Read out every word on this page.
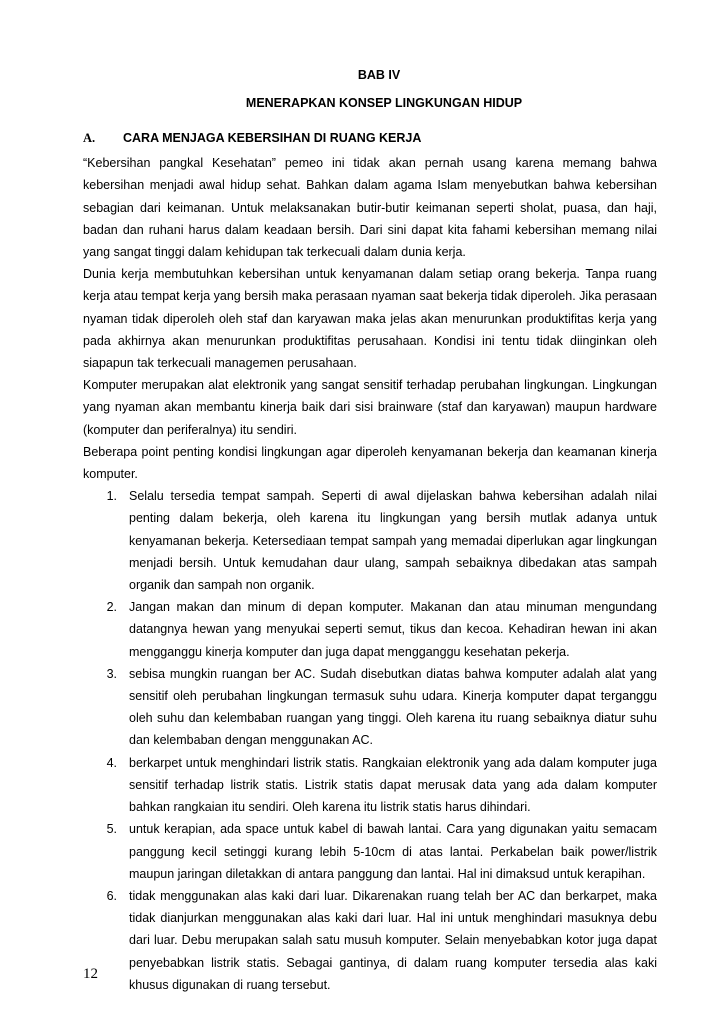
BAB IV
MENERAPKAN KONSEP LINGKUNGAN HIDUP
A.	CARA MENJAGA KEBERSIHAN DI RUANG KERJA

“Kebersihan pangkal Kesehatan” pemeo ini tidak akan pernah usang karena memang bahwa kebersihan menjadi awal hidup sehat. Bahkan dalam agama Islam menyebutkan bahwa kebersihan sebagian dari keimanan. Untuk melaksanakan butir-butir keimanan seperti sholat, puasa, dan haji, badan dan ruhani harus dalam keadaan bersih. Dari sini dapat kita fahami kebersihan memang nilai yang sangat tinggi dalam kehidupan tak terkecuali dalam dunia kerja.

Dunia kerja membutuhkan kebersihan untuk kenyamanan dalam setiap orang bekerja. Tanpa ruang kerja atau tempat kerja yang bersih maka perasaan nyaman saat bekerja tidak diperoleh. Jika perasaan nyaman tidak diperoleh oleh staf dan karyawan maka jelas akan menurunkan produktifitas kerja yang pada akhirnya akan menurunkan produktifitas perusahaan. Kondisi ini tentu tidak diinginkan oleh siapapun tak terkecuali managemen perusahaan.

Komputer merupakan alat elektronik yang sangat sensitif terhadap perubahan lingkungan. Lingkungan yang nyaman akan membantu kinerja baik dari sisi brainware (staf dan karyawan) maupun hardware (komputer dan periferalnya) itu sendiri.

Beberapa point penting kondisi lingkungan agar diperoleh kenyamanan bekerja dan keamanan kinerja komputer.

1. Selalu tersedia tempat sampah. Seperti di awal dijelaskan bahwa kebersihan adalah nilai penting dalam bekerja, oleh karena itu lingkungan yang bersih mutlak adanya untuk kenyamanan bekerja. Ketersediaan tempat sampah yang memadai diperlukan agar lingkungan menjadi bersih. Untuk kemudahan daur ulang, sampah sebaiknya dibedakan atas sampah organik dan sampah non organik.
2. Jangan makan dan minum di depan komputer. Makanan dan atau minuman mengundang datangnya hewan yang menyukai seperti semut, tikus dan kecoa. Kehadiran hewan ini akan mengganggu kinerja komputer dan juga dapat mengganggu kesehatan pekerja.
3. sebisa mungkin ruangan ber AC. Sudah disebutkan diatas bahwa komputer adalah alat yang sensitif oleh perubahan lingkungan termasuk suhu udara. Kinerja komputer dapat terganggu oleh suhu dan kelembaban ruangan yang tinggi. Oleh karena itu ruang sebaiknya diatur suhu dan kelembaban dengan menggunakan AC.
4. berkarpet untuk menghindari listrik statis. Rangkaian elektronik yang ada dalam komputer juga sensitif terhadap listrik statis. Listrik statis dapat merusak data yang ada dalam komputer bahkan rangkaian itu sendiri. Oleh karena itu listrik statis harus dihindari.
5. untuk kerapian, ada space untuk kabel di bawah lantai. Cara yang digunakan yaitu semacam panggung kecil setinggi kurang lebih 5-10cm di atas lantai. Perkabelan baik power/listrik maupun jaringan diletakkan di antara panggung dan lantai. Hal ini dimaksud untuk kerapihan.
6. tidak menggunakan alas kaki dari luar. Dikarenakan ruang telah ber AC dan berkarpet, maka tidak dianjurkan menggunakan alas kaki dari luar. Hal ini untuk menghindari masuknya debu dari luar. Debu merupakan salah satu musuh komputer. Selain menyebabkan kotor juga dapat penyebabkan listrik statis. Sebagai gantinya, di dalam ruang komputer tersedia alas kaki khusus digunakan di ruang tersebut.
12
